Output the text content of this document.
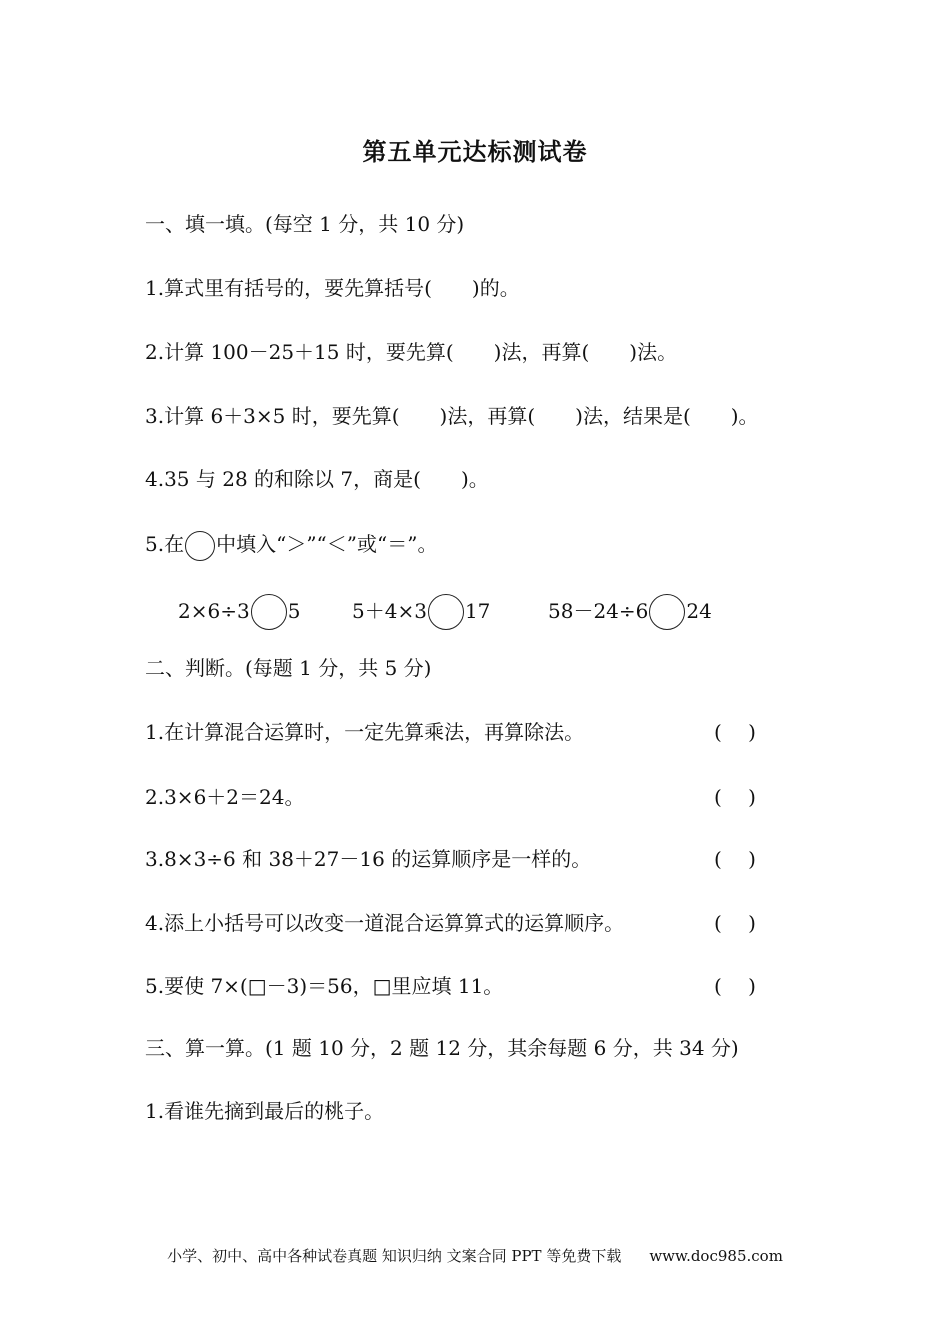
第五单元达标测试卷
一、填一填。(每空 1 分，共 10 分)
1.算式里有括号的，要先算括号( )的。
2.计算 100－25＋15 时，要先算( )法，再算( )法。
3.计算 6＋3×5 时，要先算( )法，再算( )法，结果是( )。
4.35 与 28 的和除以 7，商是( )。
5.在 中填入“＞”“＜”或“＝”。
2×6÷3 5	5＋4×3 17	58－24÷6 24
二、判断。(每题 1 分，共 5 分)
1.在计算混合运算时，一定先算乘法，再算除法。	(　 )
2.3×6＋2＝24。	(　 )
3.8×3÷6 和 38＋27－16 的运算顺序是一样的。	(　 )
4.添上小括号可以改变一道混合运算算式的运算顺序。	(　 )
5.要使 7×(□－3)＝56，□里应填 11。	(　 )
三、算一算。(1 题 10 分，2 题 12 分，其余每题 6 分，共 34 分)
1.看谁先摘到最后的桃子。
小学、初中、高中各种试卷真题 知识归纳 文案合同 PPT 等免费下载 www.doc985.com
